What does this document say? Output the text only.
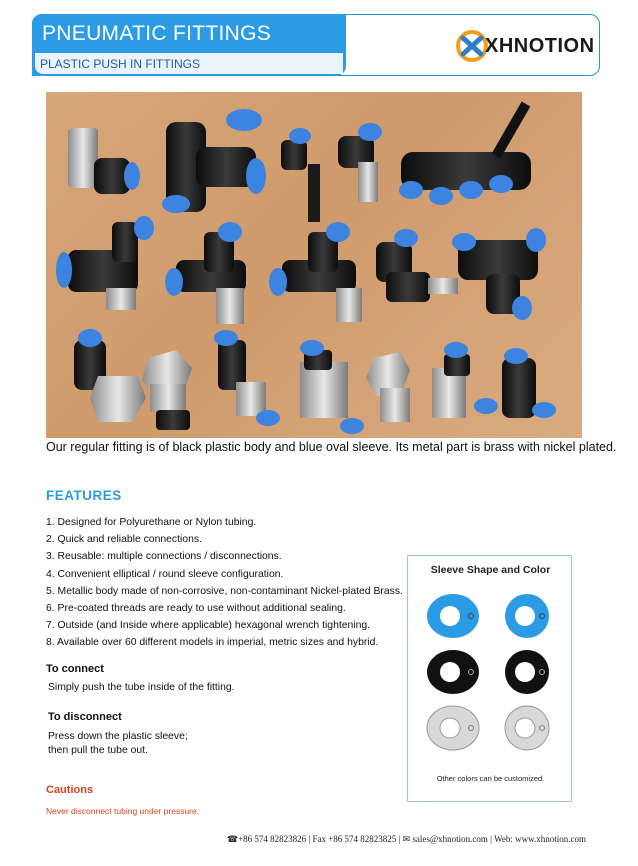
PNEUMATIC FITTINGS
PLASTIC PUSH IN FITTINGS
XHNOTION
Our regular fitting is of black plastic body and blue oval sleeve. Its metal part is brass with nickel plated.
FEATURES
1. Designed for Polyurethane or Nylon tubing.
2. Quick and reliable connections.
3. Reusable: multiple connections / disconnections.
4. Convenient elliptical / round sleeve configuration.
5. Metallic body made of non-corrosive, non-contaminant Nickel-plated Brass.
6. Pre-coated threads are ready to use without additional sealing.
7. Outside (and Inside where applicable) hexagonal wrench tightening.
8. Available over 60 different models in imperial, metric sizes and hybrid.
To connect
Simply push the tube inside of the fitting.
To disconnect
Press down the plastic sleeve;
then pull the tube out.
Cautions
Never disconnect tubing under pressure.
Sleeve Shape and Color
Other colors can be customized.
☎+86 574 82823826 | Fax +86 574 82823825 | ✉ sales@xhnotion.com | Web: www.xhnotion.com
